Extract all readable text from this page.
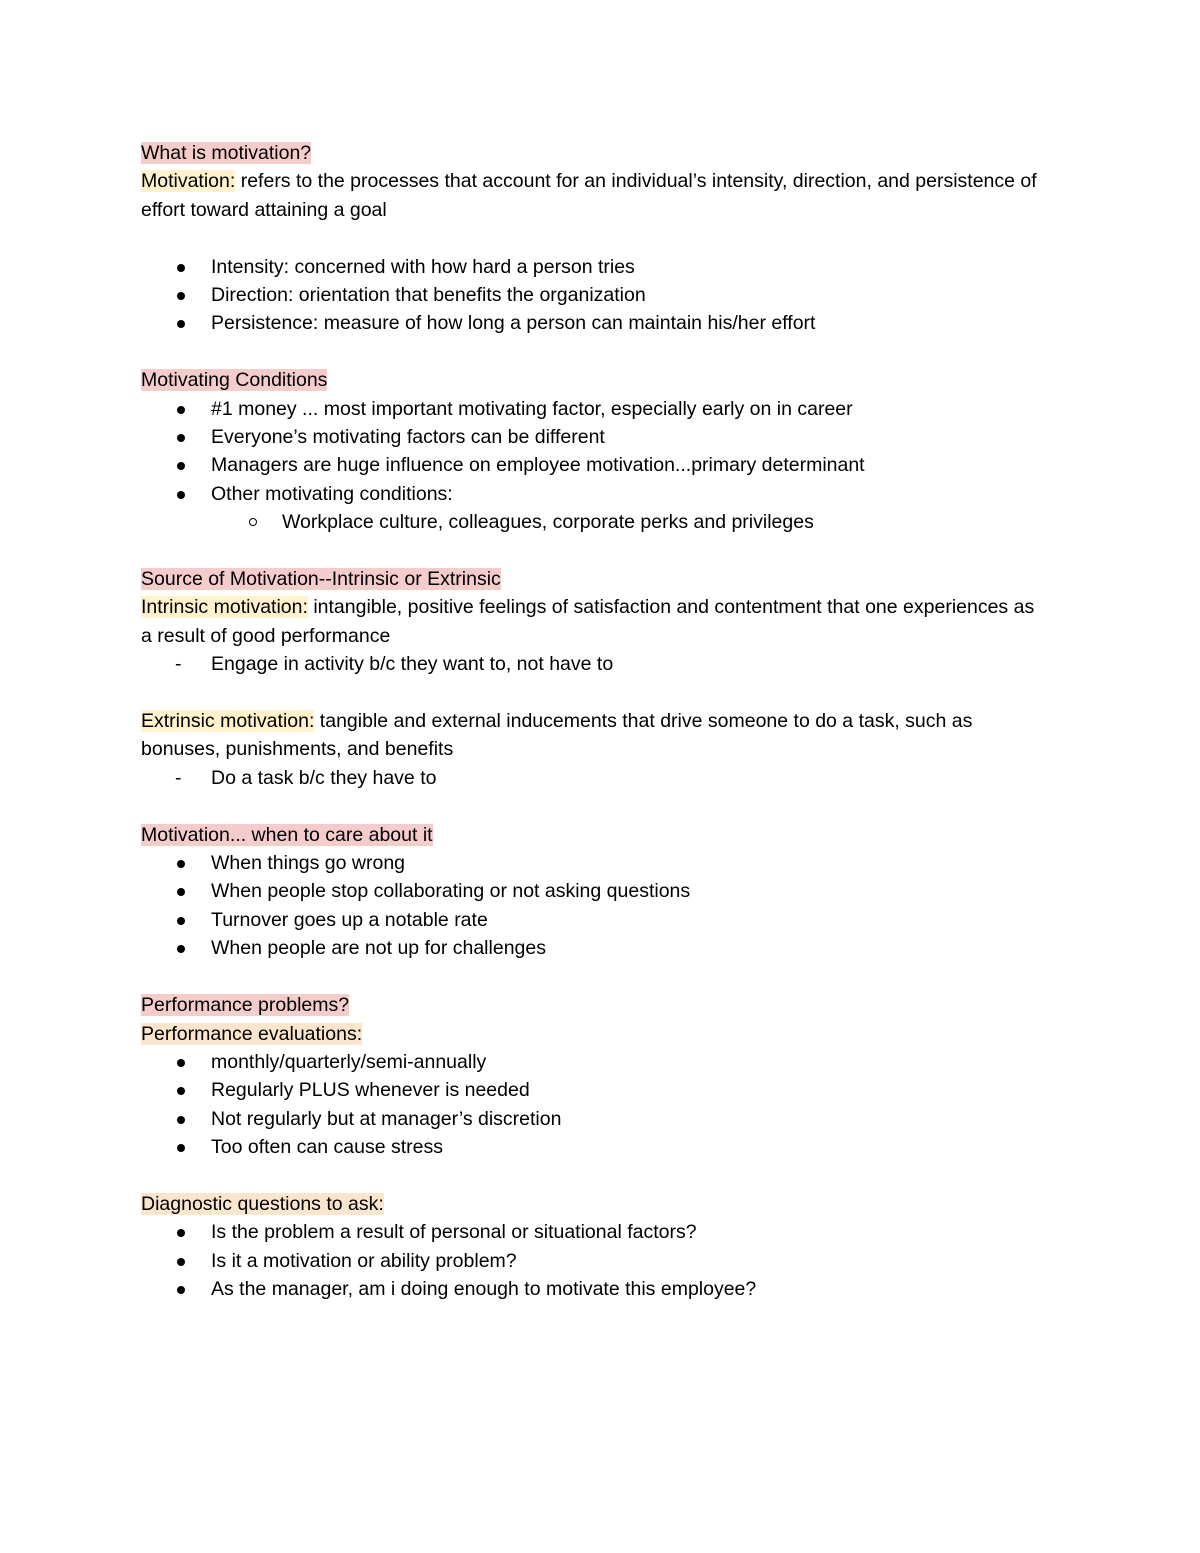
What is motivation?

Motivation: refers to the processes that account for an individual’s intensity, direction, and persistence of effort toward attaining a goal

Intensity: concerned with how hard a person tries
Direction: orientation that benefits the organization
Persistence: measure of how long a person can maintain his/her effort

Motivating Conditions

#1 money ... most important motivating factor, especially early on in career
Everyone’s motivating factors can be different
Managers are huge influence on employee motivation...primary determinant
Other motivating conditions:
Workplace culture, colleagues, corporate perks and privileges

Source of Motivation--Intrinsic or Extrinsic

Intrinsic motivation: intangible, positive feelings of satisfaction and contentment that one experiences as a result of good performance

- Engage in activity b/c they want to, not have to

Extrinsic motivation: tangible and external inducements that drive someone to do a task, such as bonuses, punishments, and benefits

- Do a task b/c they have to

Motivation... when to care about it

When things go wrong
When people stop collaborating or not asking questions
Turnover goes up a notable rate
When people are not up for challenges

Performance problems?

Performance evaluations:

monthly/quarterly/semi-annually
Regularly PLUS whenever is needed
Not regularly but at manager’s discretion
Too often can cause stress

Diagnostic questions to ask:

Is the problem a result of personal or situational factors?
Is it a motivation or ability problem?
As the manager, am i doing enough to motivate this employee?
